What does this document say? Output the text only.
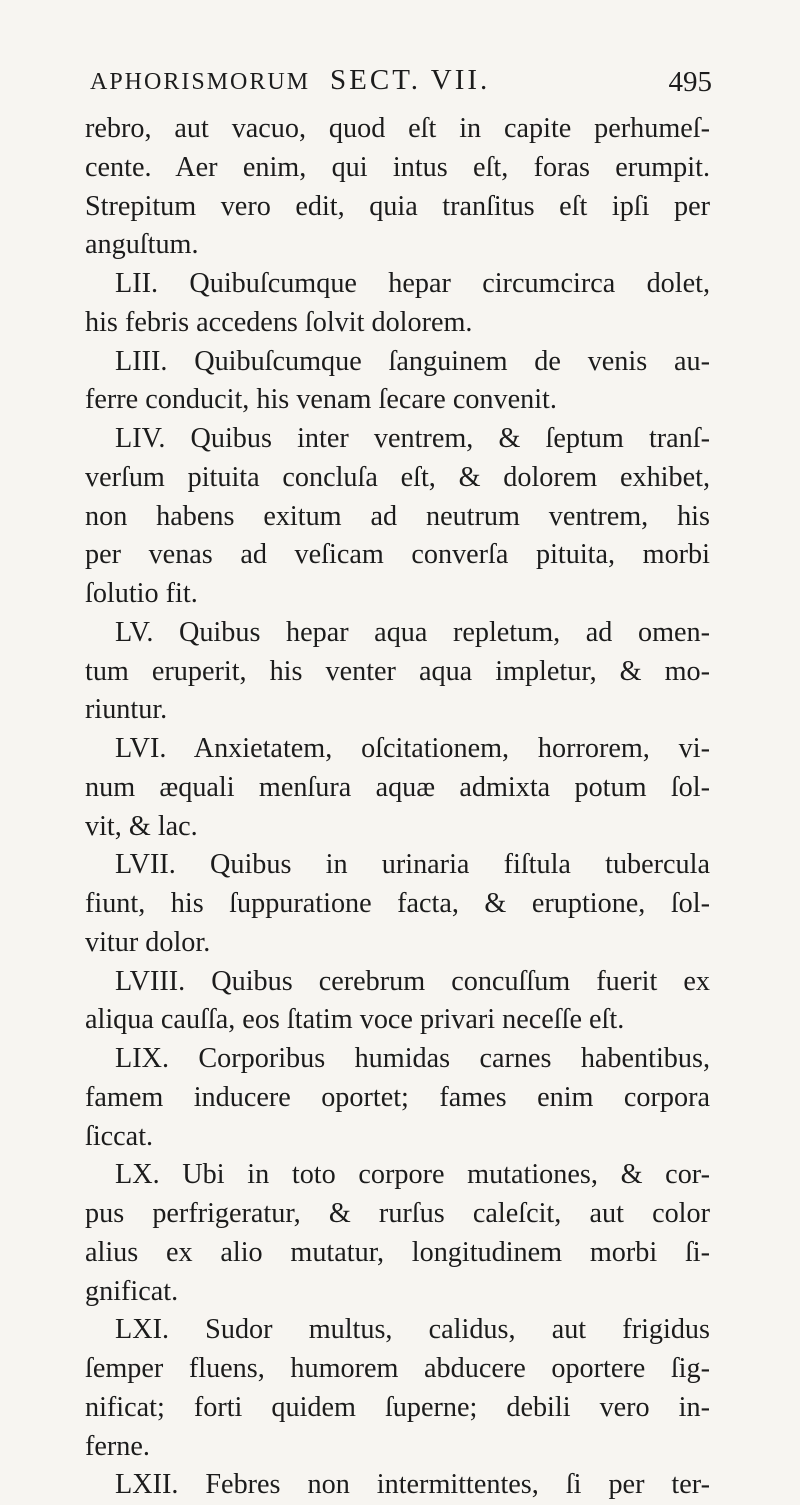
APHORISMORUM SECT. VII.	495
rebro, aut vacuo, quod eſt in capite perhumeſ-
cente. Aer enim, qui intus eſt, foras erumpit.
Strepitum vero edit, quia tranſitus eſt ipſi per
anguſtum.
LII. Quibuſcumque hepar circumcirca dolet,
his febris accedens ſolvit dolorem.
LIII. Quibuſcumque ſanguinem de venis au-
ferre conducit, his venam ſecare convenit.
LIV. Quibus inter ventrem, & ſeptum tranſ-
verſum pituita concluſa eſt, & dolorem exhibet,
non habens exitum ad neutrum ventrem, his
per venas ad veſicam converſa pituita, morbi
ſolutio fit.
LV. Quibus hepar aqua repletum, ad omen-
tum eruperit, his venter aqua impletur, & mo-
riuntur.
LVI. Anxietatem, oſcitationem, horrorem, vi-
num æquali menſura aquæ admixta potum ſol-
vit, & lac.
LVII. Quibus in urinaria fiſtula tubercula
fiunt, his ſuppuratione facta, & eruptione, ſol-
vitur dolor.
LVIII. Quibus cerebrum concuſſum fuerit ex
aliqua cauſſa, eos ſtatim voce privari neceſſe eſt.
LIX. Corporibus humidas carnes habentibus,
famem inducere oportet; fames enim corpora
ſiccat.
LX. Ubi in toto corpore mutationes, & cor-
pus perfrigeratur, & rurſus caleſcit, aut color
alius ex alio mutatur, longitudinem morbi ſi-
gnificat.
LXI. Sudor multus, calidus, aut frigidus
ſemper fluens, humorem abducere oportere ſig-
nificat; forti quidem ſuperne; debili vero in-
ferne.
LXII. Febres non intermittentes, ſi per ter-
